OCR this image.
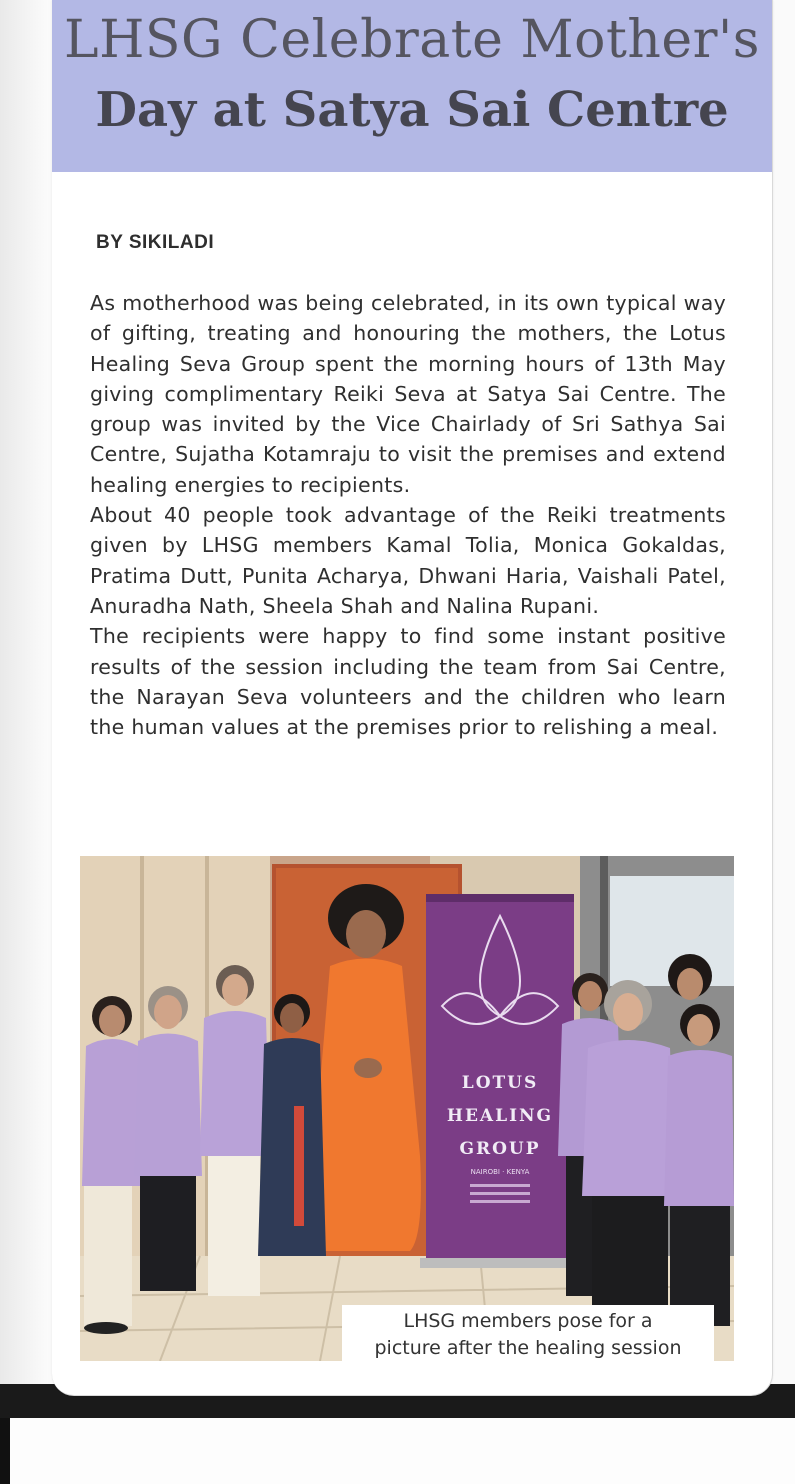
LHSG Celebrate Mother's
Day at Satya Sai Centre
BY SIKILADI

As motherhood was being celebrated, in its own typical way of gifting, treating and honouring the mothers, the Lotus Healing Seva Group spent the morning hours of 13th May giving complimentary Reiki Seva at Satya Sai Centre. The group was invited by the Vice Chairlady of Sri Sathya Sai Centre, Sujatha Kotamraju to visit the premises and extend healing energies to recipients.

About 40 people took advantage of the Reiki treatments given by LHSG members Kamal Tolia, Monica Gokaldas, Pratima Dutt, Punita Acharya, Dhwani Haria, Vaishali Patel, Anuradha Nath, Sheela Shah and Nalina Rupani.

The recipients were happy to find some instant positive results of the session including the team from Sai Centre, the Narayan Seva volunteers and the children who learn the human values at the premises prior to relishing a meal.

LOTUS
HEALING
GROUP
NAIROBI · KENYA
LHSG members pose for a
picture after the healing session
